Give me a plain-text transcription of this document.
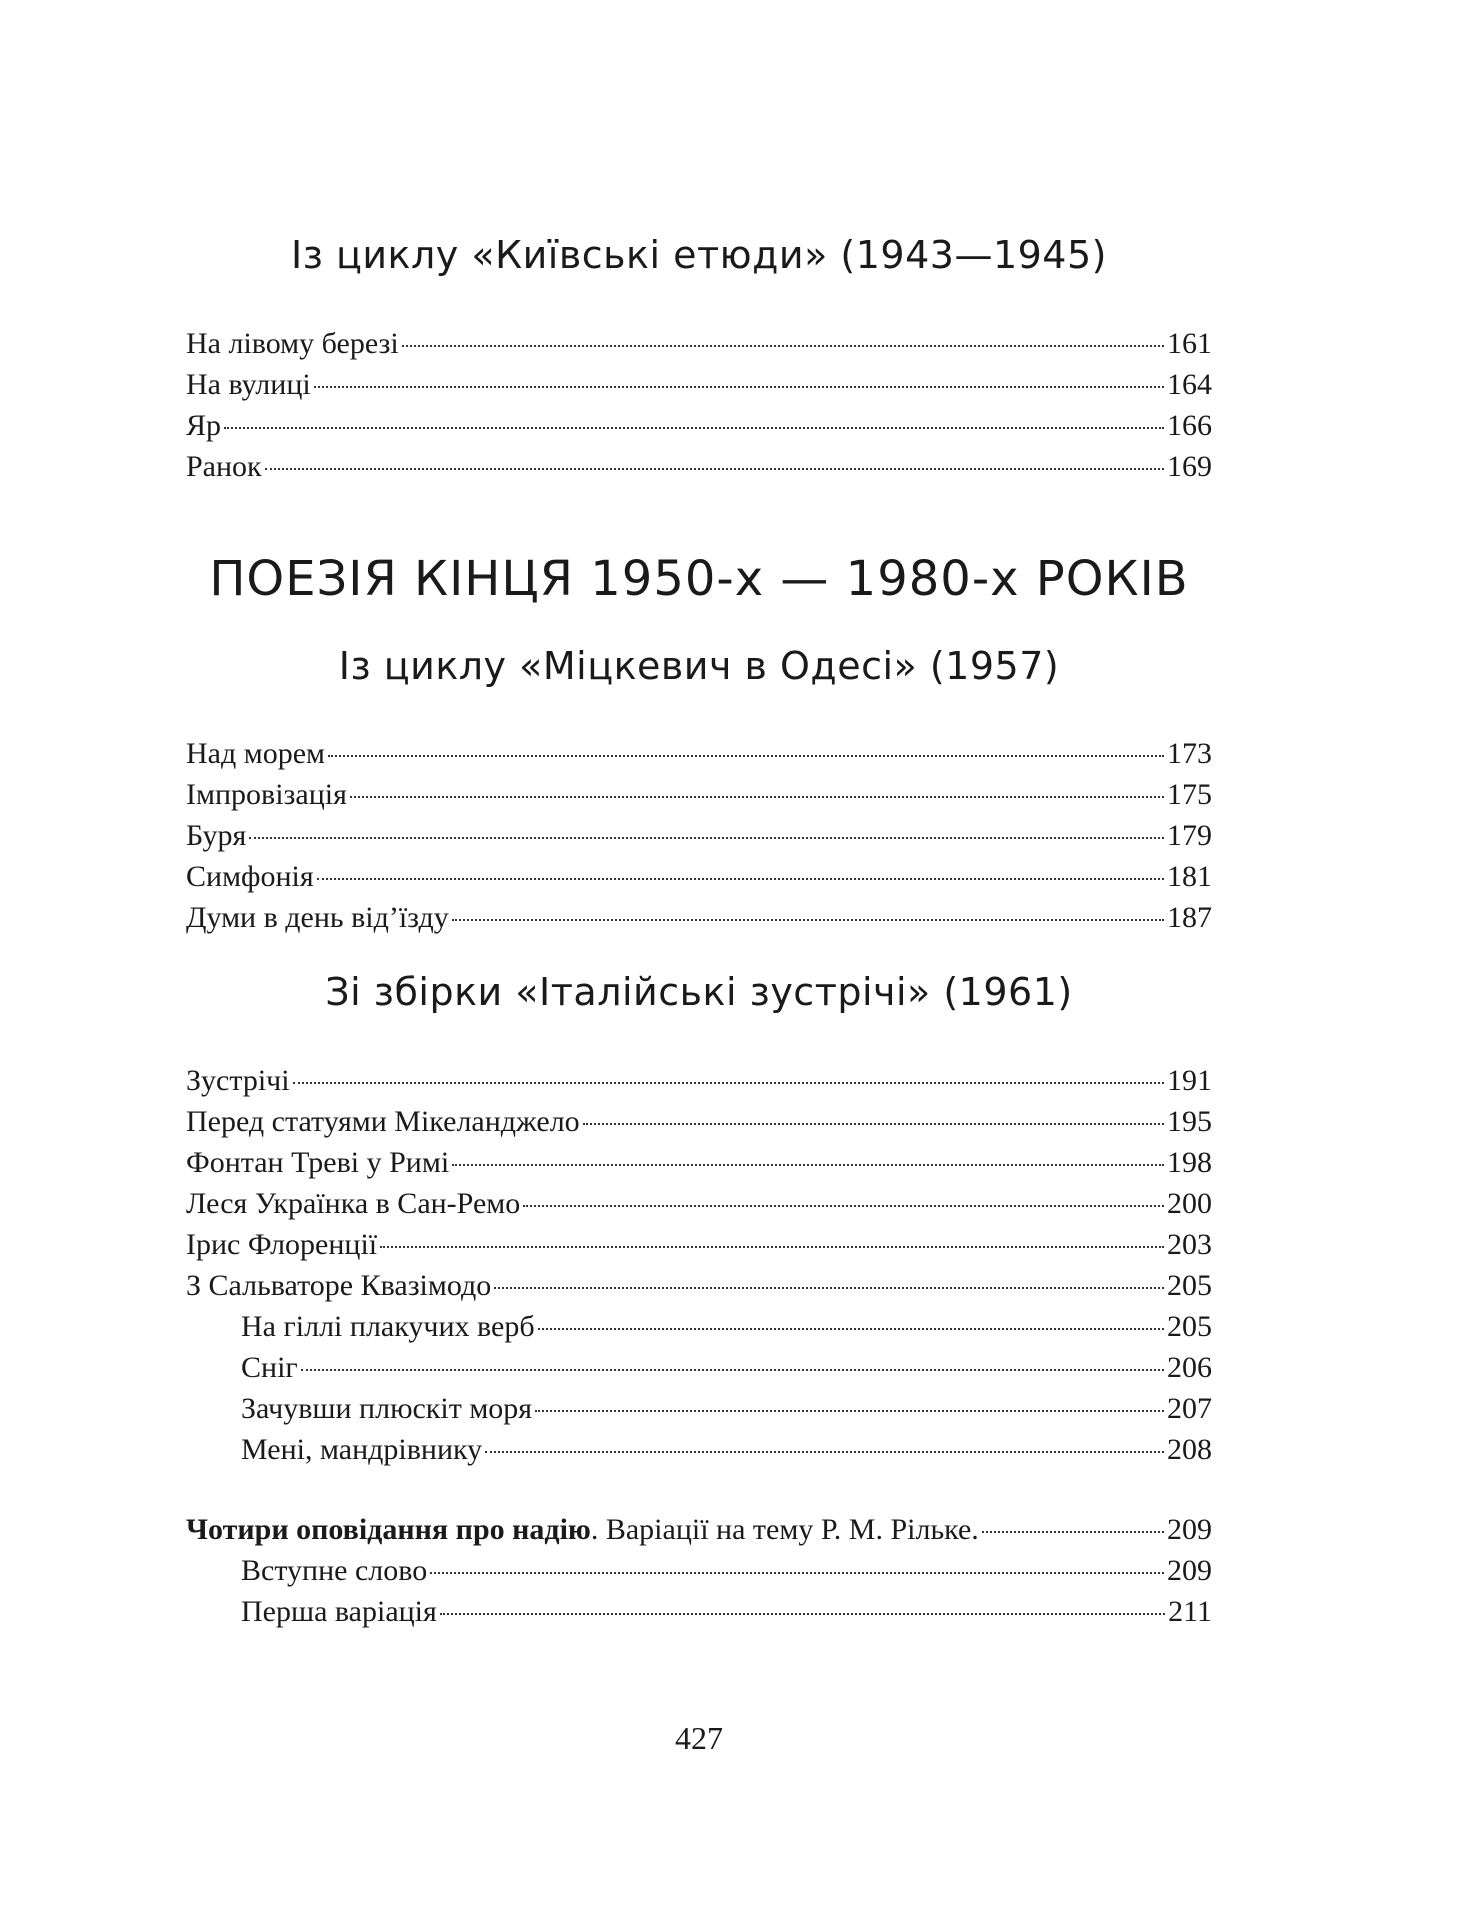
Із циклу «Київські етюди» (1943—1945)
На лівому березі	161
На вулиці	164
Яр	166
Ранок	169
ПОЕЗІЯ КІНЦЯ 1950-х — 1980-х РОКІВ
Із циклу «Міцкевич в Одесі» (1957)
Над морем	173
Імпровізація	175
Буря	179
Симфонія	181
Думи в день від’їзду	187
Зі збірки «Італійські зустрічі» (1961)
Зустрічі	191
Перед статуями Мікеланджело	195
Фонтан Треві у Римі	198
Леся Українка в Сан-Ремо	200
Ірис Флоренції	203
З Сальваторе Квазімодо	205
На гіллі плакучих верб	205
Сніг	206
Зачувши плюскіт моря	207
Мені, мандрівнику	208
Чотири оповідання про надію. Варіації на тему Р. М. Рільке.	209
Вступне слово	209
Перша варіація	211
427
